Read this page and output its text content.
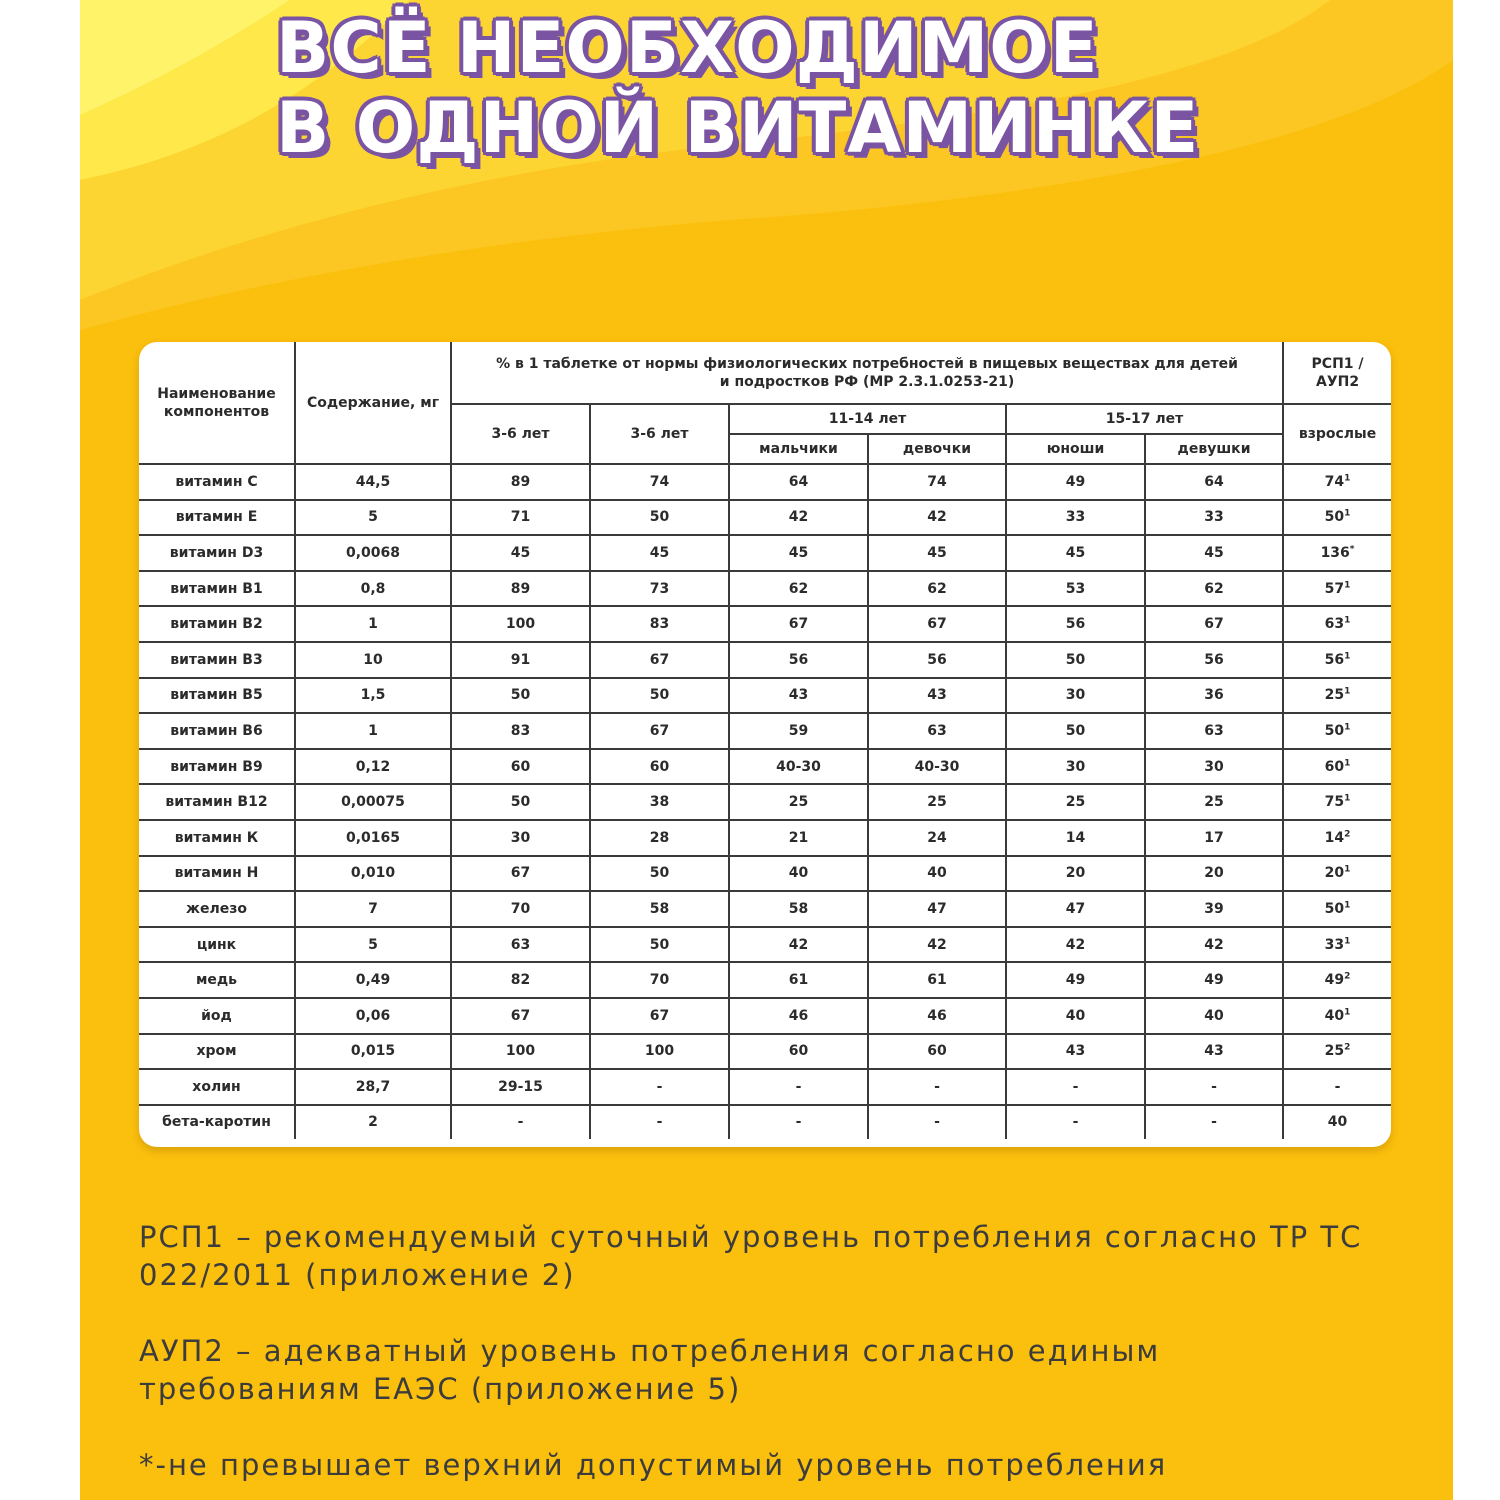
ВСЁ НЕОБХОДИМОЕ
В ОДНОЙ ВИТАМИНКЕ
Наименование компонентов	Содержание, мг	% в 1 таблетке от нормы физиологических потребностей в пищевых веществах для детей и подростков РФ (МР 2.3.1.0253-21)						РСП1 / АУП2
		3-6 лет	3-6 лет	11-14 лет		15-17 лет		взрослые
				мальчики	девочки	юноши	девушки	
витамин С	44,5	89	74	64	74	49	64	$74^1$
витамин Е	5	71	50	42	42	33	33	$50^1$
витамин D3	0,0068	45	45	45	45	45	45	136*
витамин В1	0,8	89	73	62	62	53	62	$57^1$
витамин В2	1	100	83	67	67	56	67	$63^1$
витамин В3	10	91	67	56	56	50	56	$56^1$
витамин В5	1,5	50	50	43	43	30	36	$25^1$
витамин В6	1	83	67	59	63	50	63	$50^1$
витамин В9	0,12	60	60	40-30	40-30	30	30	$60^1$
витамин В12	0,00075	50	38	25	25	25	25	$75^1$
витамин К	0,0165	30	28	21	24	14	17	$14^2$
витамин Н	0,010	67	50	40	40	20	20	$20^1$
железо	7	70	58	58	47	47	39	$50^1$
цинк	5	63	50	42	42	42	42	$33^1$
медь	0,49	82	70	61	61	49	49	$49^2$
йод	0,06	67	67	46	46	40	40	$40^1$
хром	0,015	100	100	60	60	43	43	$25^2$
холин	28,7	29-15	-	-	-	-	-	-
бета-каротин	2	-	-	-	-	-	-	40

РСП1 – рекомендуемый суточный уровень потребления согласно ТР ТС 022/2011 (приложение 2)

АУП2 – адекватный уровень потребления согласно единым требованиям ЕАЭС (приложение 5)

*-не превышает верхний допустимый уровень потребления
